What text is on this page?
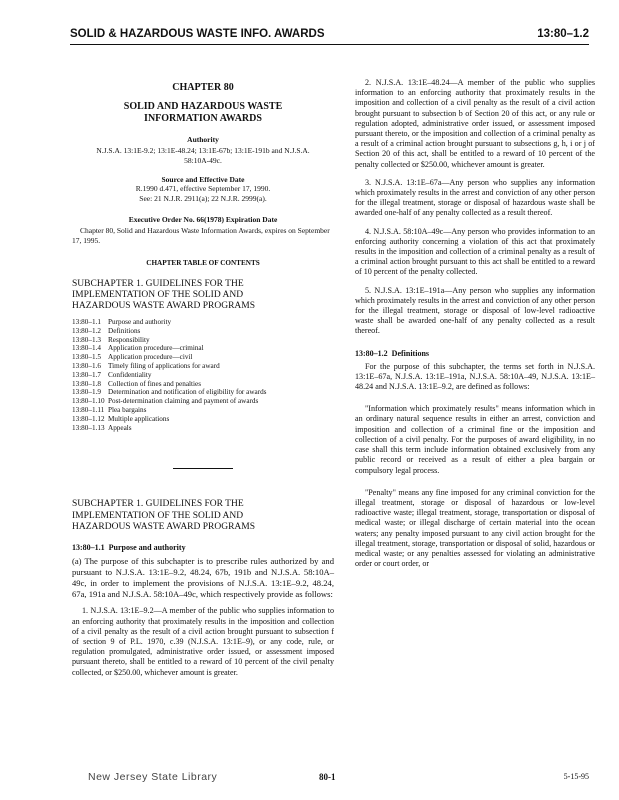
SOLID & HAZARDOUS WASTE INFO. AWARDS	13:80–1.2
CHAPTER 80
SOLID AND HAZARDOUS WASTE
INFORMATION AWARDS
Authority
N.J.S.A. 13:1E-9.2; 13:1E-48.24; 13:1E-67b; 13:1E-191b and N.J.S.A. 58:10A-49c.
Source and Effective Date
R.1990 d.471, effective September 17, 1990.
See: 21 N.J.R. 2911(a); 22 N.J.R. 2999(a).
Executive Order No. 66(1978) Expiration Date
Chapter 80, Solid and Hazardous Waste Information Awards, expires on September 17, 1995.
CHAPTER TABLE OF CONTENTS
SUBCHAPTER 1. GUIDELINES FOR THE
IMPLEMENTATION OF THE SOLID AND
HAZARDOUS WASTE AWARD PROGRAMS
13:80–1.1 Purpose and authority
13:80–1.2 Definitions
13:80–1.3 Responsibility
13:80–1.4 Application procedure—criminal
13:80–1.5 Application procedure—civil
13:80–1.6 Timely filing of applications for award
13:80–1.7 Confidentiality
13:80–1.8 Collection of fines and penalties
13:80–1.9 Determination and notification of eligibility for awards
13:80–1.10 Post-determination claiming and payment of awards
13:80–1.11 Plea bargains
13:80–1.12 Multiple applications
13:80–1.13 Appeals
SUBCHAPTER 1. GUIDELINES FOR THE
IMPLEMENTATION OF THE SOLID AND
HAZARDOUS WASTE AWARD PROGRAMS
13:80–1.1 Purpose and authority
(a) The purpose of this subchapter is to prescribe rules authorized by and pursuant to N.J.S.A. 13:1E–9.2, 48.24, 67b, 191b and N.J.S.A. 58:10A–49c, in order to implement the provisions of N.J.S.A. 13:1E–9.2, 48.24, 67a, 191a and N.J.S.A. 58:10A–49c, which respectively provide as follows:
1. N.J.S.A. 13:1E–9.2—A member of the public who supplies information to an enforcing authority that proximately results in the imposition and collection of a civil penalty as the result of a civil action brought pursuant to subsection f of section 9 of P.L. 1970, c.39 (N.J.S.A. 13:1E–9), or any code, rule, or regulation promulgated, administrative order issued, or assessment imposed pursuant thereto, shall be entitled to a reward of 10 percent of the civil penalty collected, or $250.00, whichever amount is greater.
2. N.J.S.A. 13:1E–48.24—A member of the public who supplies information to an enforcing authority that proximately results in the imposition and collection of a civil penalty as the result of a civil action brought pursuant to subsection b of Section 20 of this act, or any rule or regulation adopted, administrative order issued, or assessment imposed pursuant thereto, or the imposition and collection of a criminal penalty as a result of a criminal action brought pursuant to subsections g, h, i or j of Section 20 of this act, shall be entitled to a reward of 10 percent of the penalty collected or $250.00, whichever amount is greater.
3. N.J.S.A. 13:1E–67a—Any person who supplies any information which proximately results in the arrest and conviction of any other person for the illegal treatment, storage or disposal of hazardous waste shall be awarded one-half of any penalty collected as a result thereof.
4. N.J.S.A. 58:10A–49c—Any person who provides information to an enforcing authority concerning a violation of this act that proximately results in the imposition and collection of a criminal penalty as a result of a criminal action brought pursuant to this act shall be entitled to a reward of 10 percent of the penalty collected.
5. N.J.S.A. 13:1E–191a—Any person who supplies any information which proximately results in the arrest and conviction of any other person for the illegal treatment, storage or disposal of low-level radioactive waste shall be awarded one-half of any penalty collected as a result thereof.
13:80–1.2 Definitions
For the purpose of this subchapter, the terms set forth in N.J.S.A. 13:1E–67a, N.J.S.A. 13:1E–191a, N.J.S.A. 58:10A–49, N.J.S.A. 13:1E–48.24 and N.J.S.A. 13:1E–9.2, are defined as follows:
"Information which proximately results" means information which in an ordinary natural sequence results in either an arrest, conviction and imposition and collection of a criminal fine or the imposition and collection of a civil penalty. For the purposes of award eligibility, in no case shall this term include information obtained exclusively from any public record or received as a result of either a plea bargain or compulsory legal process.
"Penalty" means any fine imposed for any criminal conviction for the illegal treatment, storage or disposal of hazardous or low-level radioactive waste; illegal treatment, storage, transportation or disposal of medical waste; or illegal discharge of certain material into the ocean waters; any penalty imposed pursuant to any civil action brought for the illegal treatment, storage, transportation or disposal of solid, hazardous or medical waste; or any penalties assessed for violating an administrative order or court order, or
New Jersey State Library	80-1	5-15-95
